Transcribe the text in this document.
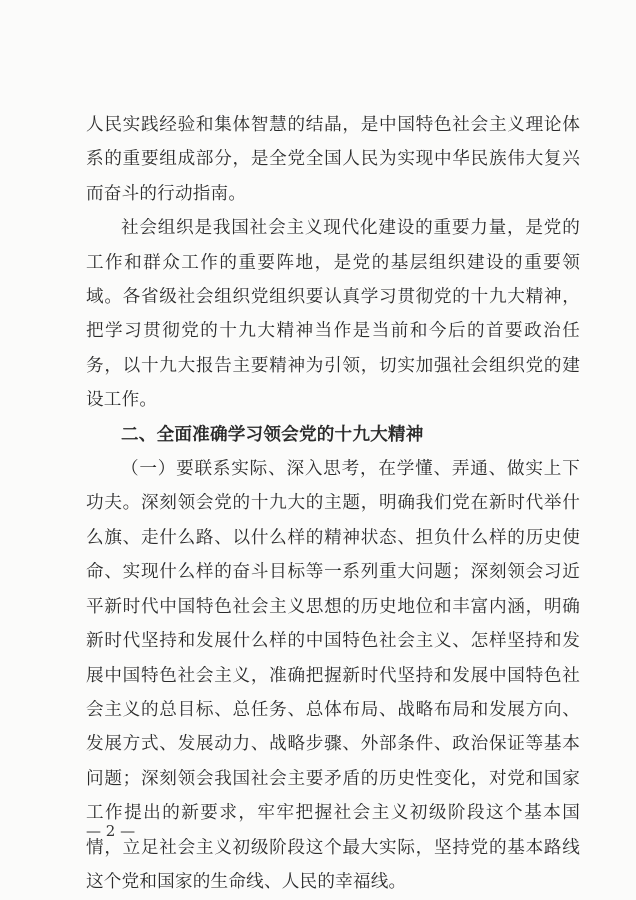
人民实践经验和集体智慧的结晶，是中国特色社会主义理论体系的重要组成部分，是全党全国人民为实现中华民族伟大复兴而奋斗的行动指南。

社会组织是我国社会主义现代化建设的重要力量，是党的工作和群众工作的重要阵地，是党的基层组织建设的重要领域。各省级社会组织党组织要认真学习贯彻党的十九大精神，把学习贯彻党的十九大精神当作是当前和今后的首要政治任务，以十九大报告主要精神为引领，切实加强社会组织党的建设工作。

二、全面准确学习领会党的十九大精神

（一）要联系实际、深入思考，在学懂、弄通、做实上下功夫。深刻领会党的十九大的主题，明确我们党在新时代举什么旗、走什么路、以什么样的精神状态、担负什么样的历史使命、实现什么样的奋斗目标等一系列重大问题；深刻领会习近平新时代中国特色社会主义思想的历史地位和丰富内涵，明确新时代坚持和发展什么样的中国特色社会主义、怎样坚持和发展中国特色社会主义，准确把握新时代坚持和发展中国特色社会主义的总目标、总任务、总体布局、战略布局和发展方向、发展方式、发展动力、战略步骤、外部条件、政治保证等基本问题；深刻领会我国社会主要矛盾的历史性变化，对党和国家工作提出的新要求，牢牢把握社会主义初级阶段这个基本国情，立足社会主义初级阶段这个最大实际，坚持党的基本路线这个党和国家的生命线、人民的幸福线。

— 2 —
